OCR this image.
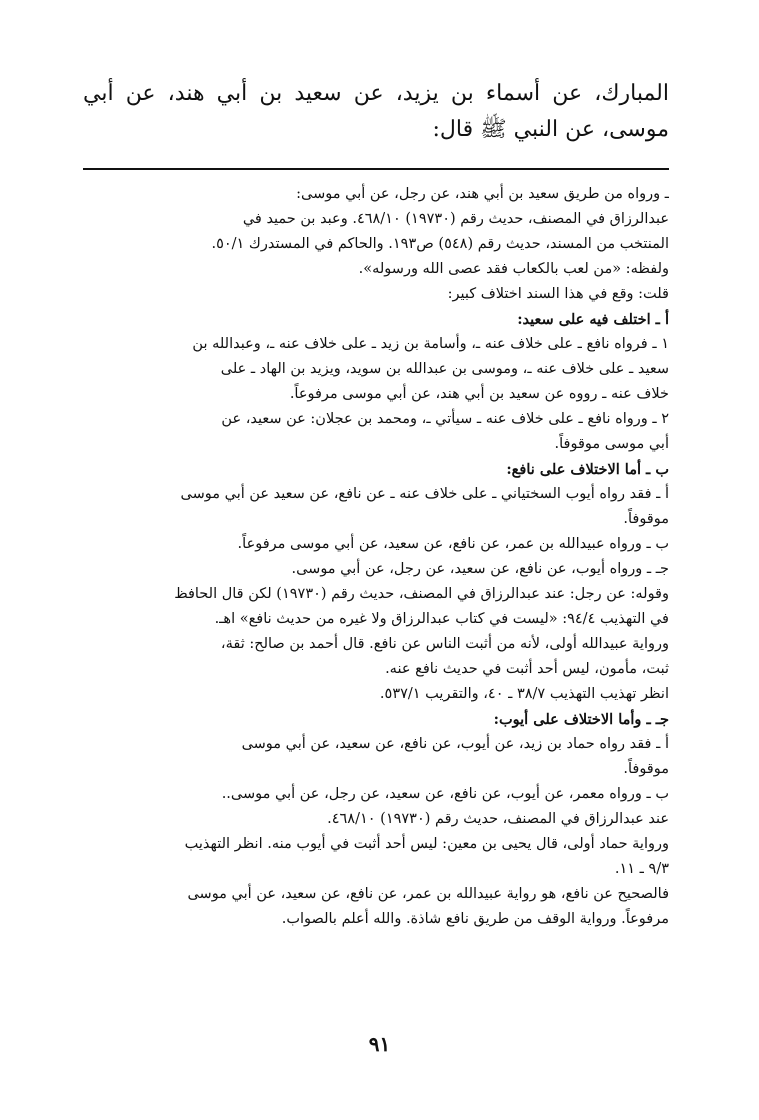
المبارك، عن أسماء بن يزيد، عن سعيد بن أبي هند، عن أبي موسى، عن النبي ﷺ قال:
ـ ورواه من طريق سعيد بن أبي هند، عن رجل، عن أبي موسى:
عبدالرزاق في المصنف، حديث رقم (١٩٧٣٠) ٤٦٨/١٠. وعبد بن حميد في
المنتخب من المسند، حديث رقم (٥٤٨) ص١٩٣. والحاكم في المستدرك ٥٠/١.
ولفظه: «من لعب بالكعاب فقد عصى الله ورسوله».
قلت: وقع في هذا السند اختلاف كبير:
أ ـ اختلف فيه على سعيد:
١ ـ فرواه نافع ـ على خلاف عنه ـ، وأسامة بن زيد ـ على خلاف عنه ـ، وعبدالله بن
سعيد ـ على خلاف عنه ـ، وموسى بن عبدالله بن سويد، ويزيد بن الهاد ـ على
خلاف عنه ـ رووه عن سعيد بن أبي هند، عن أبي موسى مرفوعاً.
٢ ـ ورواه نافع ـ على خلاف عنه ـ سيأتي ـ، ومحمد بن عجلان: عن سعيد، عن
أبي موسى موقوفاً.
ب ـ أما الاختلاف على نافع:
أ ـ فقد رواه أيوب السختياني ـ على خلاف عنه ـ عن نافع، عن سعيد عن أبي موسى
موقوفاً.
ب ـ ورواه عبيدالله بن عمر، عن نافع، عن سعيد، عن أبي موسى مرفوعاً.
جـ ـ ورواه أيوب، عن نافع، عن سعيد، عن رجل، عن أبي موسى.
وقوله: عن رجل: عند عبدالرزاق في المصنف، حديث رقم (١٩٧٣٠) لكن قال الحافظ
في التهذيب ٩٤/٤: «ليست في كتاب عبدالرزاق ولا غيره من حديث نافع» اهـ.
ورواية عبيدالله أولى، لأنه من أثبت الناس عن نافع. قال أحمد بن صالح: ثقة،
ثبت، مأمون، ليس أحد أثبت في حديث نافع عنه.
انظر تهذيب التهذيب ٣٨/٧ ـ ٤٠، والتقريب ٥٣٧/١.
جـ ـ وأما الاختلاف على أيوب:
أ ـ فقد رواه حماد بن زيد، عن أيوب، عن نافع، عن سعيد، عن أبي موسى
موقوفاً.
ب ـ ورواه معمر، عن أيوب، عن نافع، عن سعيد، عن رجل، عن أبي موسى..
عند عبدالرزاق في المصنف، حديث رقم (١٩٧٣٠) ٤٦٨/١٠.
ورواية حماد أولى، قال يحيى بن معين: ليس أحد أثبت في أيوب منه. انظر التهذيب
٩/٣ ـ ١١.
فالصحيح عن نافع، هو رواية عبيدالله بن عمر، عن نافع، عن سعيد، عن أبي موسى
مرفوعاً. ورواية الوقف من طريق نافع شاذة. والله أعلم بالصواب.
٩١
